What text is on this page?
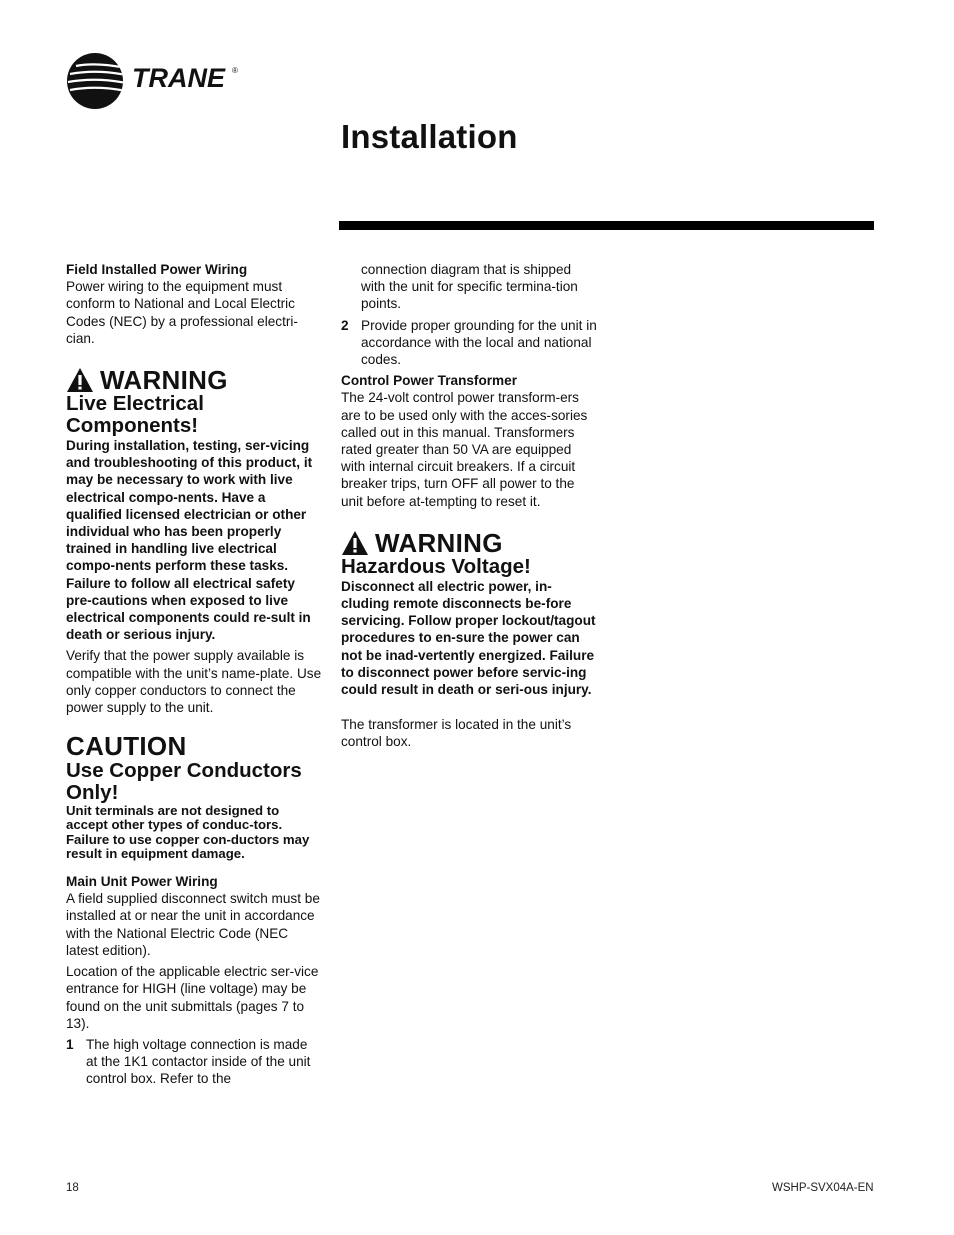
TRANE ®
Installation

Field Installed Power Wiring

Power wiring to the equipment must conform to National and Local Electric Codes (NEC) by a professional electri-cian.

WARNING

Live Electrical Components!

During installation, testing, ser-vicing and troubleshooting of this product, it may be necessary to work with live electrical compo-nents. Have a qualified licensed electrician or other individual who has been properly trained in handling live electrical compo-nents perform these tasks. Failure to follow all electrical safety pre-cautions when exposed to live electrical components could re-sult in death or serious injury.

Verify that the power supply available is compatible with the unit’s name-plate. Use only copper conductors to connect the power supply to the unit.

CAUTION

Use Copper Conductors Only!

Unit terminals are not designed to accept other types of conduc-tors. Failure to use copper con-ductors may result in equipment damage.

Main Unit Power Wiring

A field supplied disconnect switch must be installed at or near the unit in accordance with the National Electric Code (NEC latest edition).

Location of the applicable electric ser-vice entrance for HIGH (line voltage) may be found on the unit submittals (pages 7 to 13).

1 The high voltage connection is made at the 1K1 contactor inside of the unit control box. Refer to the

connection diagram that is shipped with the unit for specific termina-tion points.

2 Provide proper grounding for the unit in accordance with the local and national codes.

Control Power Transformer

The 24-volt control power transform-ers are to be used only with the acces-sories called out in this manual. Transformers rated greater than 50 VA are equipped with internal circuit breakers. If a circuit breaker trips, turn OFF all power to the unit before at-tempting to reset it.

WARNING

Hazardous Voltage!

Disconnect all electric power, in-cluding remote disconnects be-fore servicing. Follow proper lockout/tagout procedures to en-sure the power can not be inad-vertently energized. Failure to disconnect power before servic-ing could result in death or seri-ous injury.

The transformer is located in the unit’s control box.

18	WSHP-SVX04A-EN
